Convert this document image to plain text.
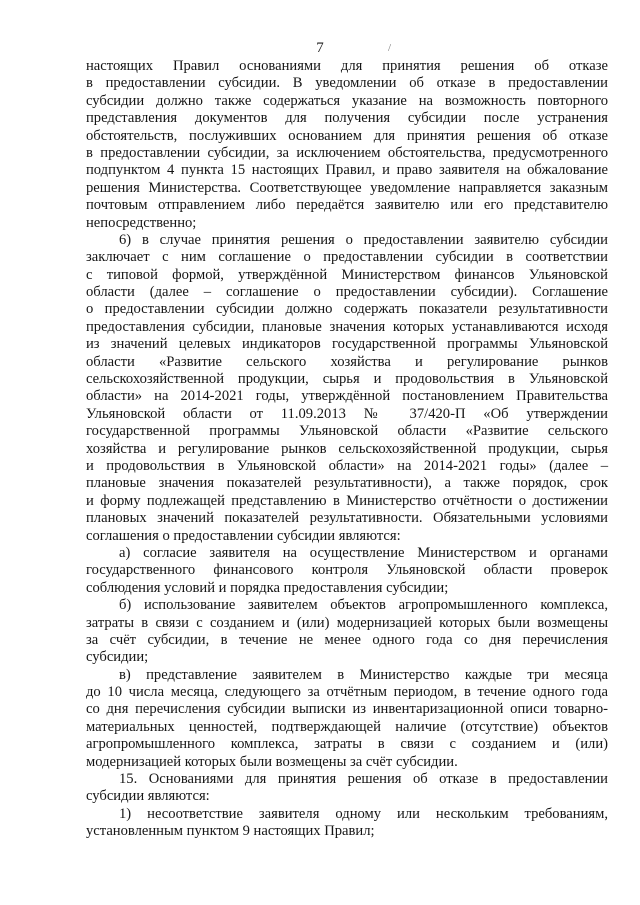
7	/
настоящих Правил основаниями для принятия решения об отказе
в предоставлении субсидии. В уведомлении об отказе в предоставлении
субсидии должно также содержаться указание на возможность повторного
представления документов для получения субсидии после устранения
обстоятельств, послуживших основанием для принятия решения об отказе
в предоставлении субсидии, за исключением обстоятельства, предусмотренного
подпунктом 4 пункта 15 настоящих Правил, и право заявителя на обжалование
решения Министерства. Соответствующее уведомление направляется заказным
почтовым отправлением либо передаётся заявителю или его представителю
непосредственно;
6) в случае принятия решения о предоставлении заявителю субсидии
заключает с ним соглашение о предоставлении субсидии в соответствии
с типовой формой, утверждённой Министерством финансов Ульяновской
области (далее – соглашение о предоставлении субсидии). Соглашение
о предоставлении субсидии должно содержать показатели результативности
предоставления субсидии, плановые значения которых устанавливаются исходя
из значений целевых индикаторов государственной программы Ульяновской
области «Развитие сельского хозяйства и регулирование рынков
сельскохозяйственной продукции, сырья и продовольствия в Ульяновской
области» на 2014-2021 годы, утверждённой постановлением Правительства
Ульяновской области от 11.09.2013 № 37/420-П «Об утверждении
государственной программы Ульяновской области «Развитие сельского
хозяйства и регулирование рынков сельскохозяйственной продукции, сырья
и продовольствия в Ульяновской области» на 2014-2021 годы» (далее –
плановые значения показателей результативности), а также порядок, срок
и форму подлежащей представлению в Министерство отчётности о достижении
плановых значений показателей результативности. Обязательными условиями
соглашения о предоставлении субсидии являются:
а) согласие заявителя на осуществление Министерством и органами
государственного финансового контроля Ульяновской области проверок
соблюдения условий и порядка предоставления субсидии;
б) использование заявителем объектов агропромышленного комплекса,
затраты в связи с созданием и (или) модернизацией которых были возмещены
за счёт субсидии, в течение не менее одного года со дня перечисления
субсидии;
в) представление заявителем в Министерство каждые три месяца
до 10 числа месяца, следующего за отчётным периодом, в течение одного года
со дня перечисления субсидии выписки из инвентаризационной описи товарно-
материальных ценностей, подтверждающей наличие (отсутствие) объектов
агропромышленного комплекса, затраты в связи с созданием и (или)
модернизацией которых были возмещены за счёт субсидии.
15. Основаниями для принятия решения об отказе в предоставлении
субсидии являются:
1) несоответствие заявителя одному или нескольким требованиям,
установленным пунктом 9 настоящих Правил;
